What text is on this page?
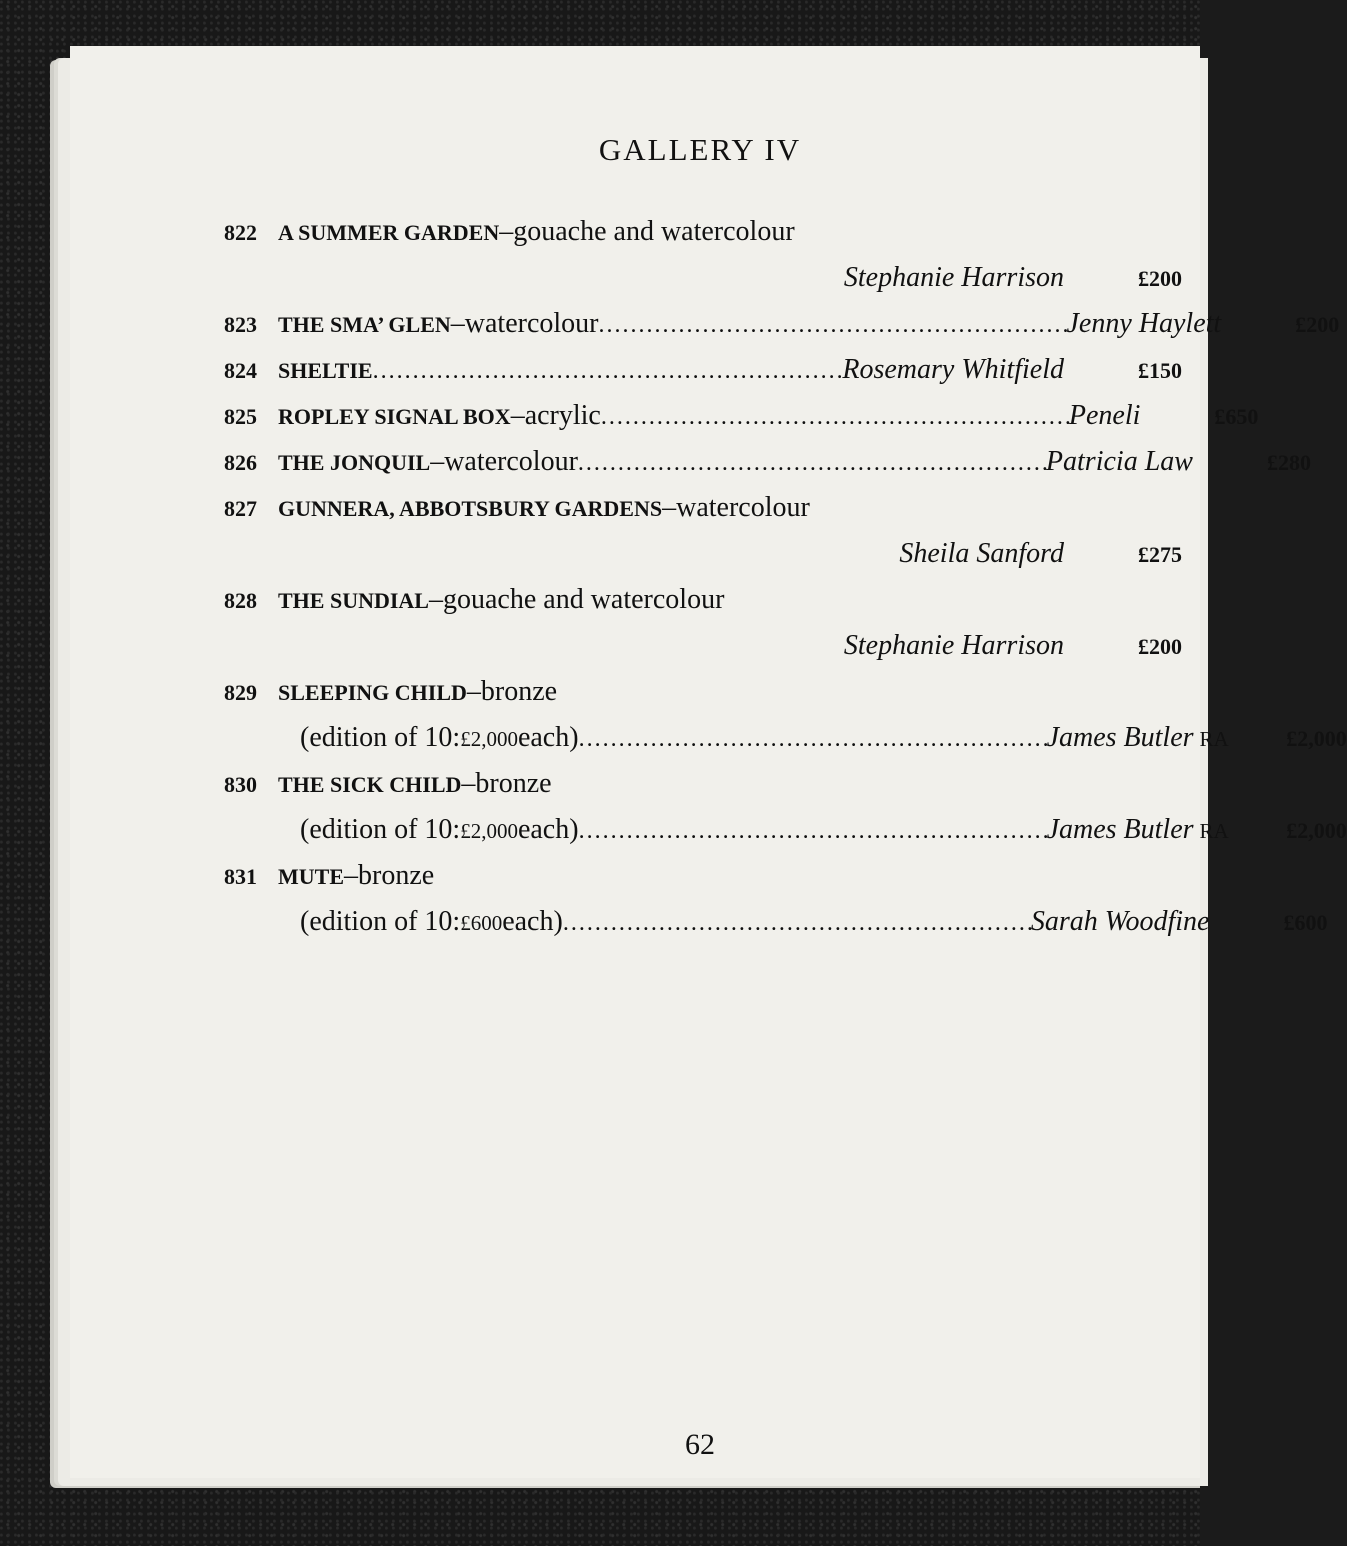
GALLERY IV
822 A SUMMER GARDEN – gouache and watercolour
Stephanie Harrison	£200
823 THE SMA’ GLEN – watercolour . . .	Jenny Haylett	£200
824 SHELTIE . . .	Rosemary Whitfield	£150
825 ROPLEY SIGNAL BOX – acrylic . . .	Peneli	£650
826 THE JONQUIL – watercolour . . .	Patricia Law	£280
827 GUNNERA, ABBOTSBURY GARDENS – watercolour
Sheila Sanford	£275
828 THE SUNDIAL – gouache and watercolour
Stephanie Harrison	£200
829 SLEEPING CHILD – bronze
(edition of 10: £2,000 each) . . .	James Butler RA	£2,000
830 THE SICK CHILD – bronze
(edition of 10: £2,000 each) . . .	James Butler RA	£2,000
831 MUTE – bronze
(edition of 10: £600 each) . . .	Sarah Woodfine	£600
62
